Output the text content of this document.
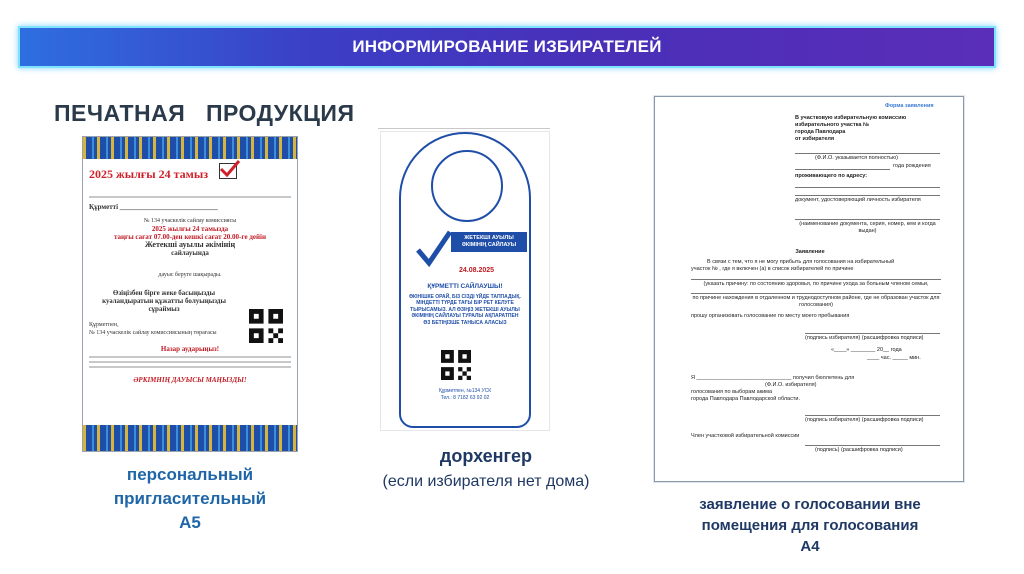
ИНФОРМИРОВАНИЕ ИЗБИРАТЕЛЕЙ
ПЕЧАТНАЯ   ПРОДУКЦИЯ
2025 жылғы 24 тамыз
Құрметті ____________________________
№ 134 учаскелік сайлау комиссиясы
2025 жылғы 24 тамызда
таңғы сағат 07.00-ден кешкі сағат 20.00-ге дейін
Жетекші ауылы әкімінің
сайлауында
дауыс беруге шақырады.
Өзіңізбен бірге жеке басыңызды куәландыратын құжатты болуыңызды сұраймыз
Құрметпен,
№ 134 учаскелік сайлау комиссиясының төрағасы
Назар аударыңыз!
ӘРКІМНІҢ ДАУЫСЫ МАҢЫЗДЫ!
ЖЕТЕКШІ АУЫЛЫ ӘКІМІНІҢ САЙЛАУЫ
24.08.2025
ҚҰРМЕТТІ САЙЛАУШЫ!
ӨКІНІШКЕ ОРАЙ, БІЗ СІЗДІ ҮЙДЕ ТАППАДЫҚ. МІНДЕТТІ ТҮРДЕ ТАҒЫ БІР РЕТ КЕЛУГЕ ТЫРЫСАМЫЗ. АЛ ӨЗІҢІЗ ЖЕТЕКШІ АУЫЛЫ ӘКІМІНІҢ САЙЛАУЫ ТУРАЛЫ АҚПАРАТПЕН ӨЗ БЕТІҢІЗШЕ ТАНЫСА АЛАСЫЗ
Құрметпен, №134 УСК
Тел.: 8 7182 63 92 02
Форма заявления
В участковую избирательную комиссию
избирательного участка №
города Павлодара
от избирателя
(Ф.И.О. указывается полностью)
года рождения
проживающего по адресу:
документ, удостоверяющий личность избирателя
(наименование документа, серия, номер, кем и когда выдан)
Заявление
В связи с тем, что я не могу прибыть для голосования на избирательный
участок № , где я включен (а) в список избирателей по причине
(указать причину: по состоянию здоровья, по причине ухода за больным членом семьи,
по причине нахождения в отдаленном и труднодоступном районе, где не образован участок для голосования)
прошу организовать голосование по месту моего пребывания
(подпись избирателя) (расшифровка подписи)
«____» ________ 20__ года
____ час. _____ мин.
Я _______________________________ получил бюллетень для
(Ф.И.О. избирателя)
голосования по выборам акима
города Павлодара Павлодарской области.
(подпись избирателя) (расшифровка подписи)
Член участковой избирательной комиссии
(подпись) (расшифровка подписи)
персональный
пригласительный
А5
дорхенгер
(если избирателя нет дома)
заявление о голосовании вне
помещения для голосования
А4
